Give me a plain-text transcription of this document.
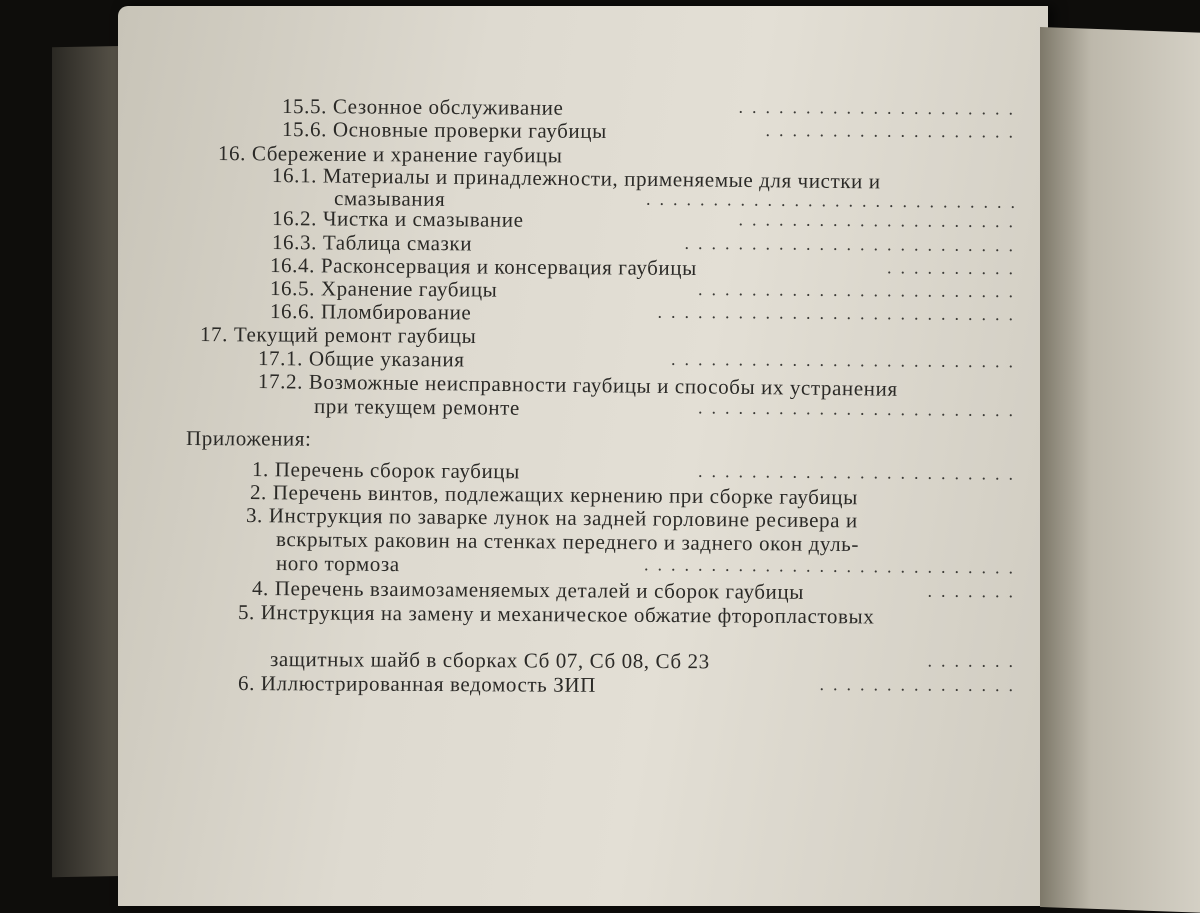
15.5. Сезонное обслуживание	.....................
15.6. Основные проверки гаубицы	...................
16. Сбережение и хранение гаубицы
16.1. Материалы и принадлежности, применяемые для чистки и
смазывания	............................
16.2. Чистка и смазывание	.....................
16.3. Таблица смазки	.........................
16.4. Расконсервация и консервация гаубицы	..........
16.5. Хранение гаубицы	........................
16.6. Пломбирование	...........................
17. Текущий ремонт гаубицы
17.1. Общие указания	..........................
17.2. Возможные неисправности гаубицы и способы их устранения
при текущем ремонте	........................
Приложения:
1. Перечень сборок гаубицы	........................
2. Перечень винтов, подлежащих кернению при сборке гаубицы
3. Инструкция по заварке лунок на задней горловине ресивера и
вскрытых раковин на стенках переднего и заднего окон дуль-
ного тормоза	............................
4. Перечень взаимозаменяемых деталей и сборок гаубицы	.......
5. Инструкция на замену и механическое обжатие фторопластовых
защитных шайб в сборках Сб 07, Сб 08, Сб 23	.......
6. Иллюстрированная ведомость ЗИП	...............
